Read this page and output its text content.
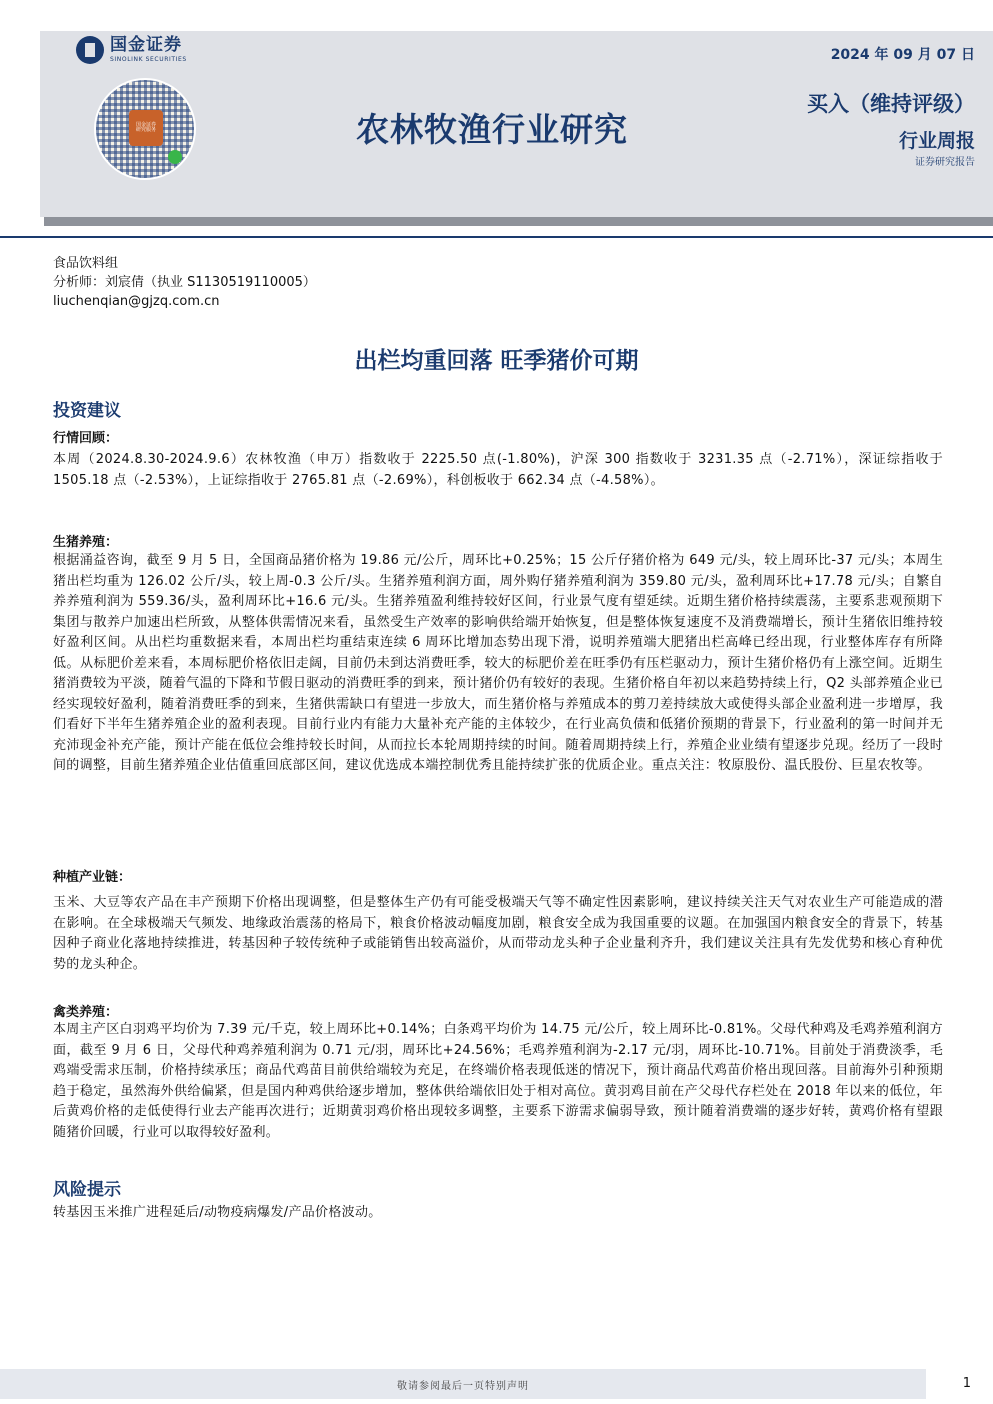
国金证券
SINOLINK SECURITIES
国金证券
研究服务	农林牧渔行业研究
2024 年 09 月 07 日
买入（维持评级）
行业周报
证券研究报告
食品饮料组
分析师：刘宸倩（执业 S1130519110005）
liuchenqian@gjzq.com.cn
出栏均重回落 旺季猪价可期
投资建议
行情回顾：
本周（2024.8.30-2024.9.6）农林牧渔（申万）指数收于 2225.50 点(-1.80%)，沪深 300 指数收于 3231.35 点（-2.71%），深证综指收于 1505.18 点（-2.53%），上证综指收于 2765.81 点（-2.69%），科创板收于 662.34 点（-4.58%）。
生猪养殖：
根据涌益咨询，截至 9 月 5 日，全国商品猪价格为 19.86 元/公斤，周环比+0.25%；15 公斤仔猪价格为 649 元/头，较上周环比-37 元/头；本周生猪出栏均重为 126.02 公斤/头，较上周-0.3 公斤/头。生猪养殖利润方面，周外购仔猪养殖利润为 359.80 元/头，盈利周环比+17.78 元/头；自繁自养养殖利润为 559.36/头，盈利周环比+16.6 元/头。生猪养殖盈利维持较好区间，行业景气度有望延续。近期生猪价格持续震荡，主要系悲观预期下集团与散养户加速出栏所致，从整体供需情况来看，虽然受生产效率的影响供给端开始恢复，但是整体恢复速度不及消费端增长，预计生猪依旧维持较好盈利区间。从出栏均重数据来看，本周出栏均重结束连续 6 周环比增加态势出现下滑，说明养殖端大肥猪出栏高峰已经出现，行业整体库存有所降低。从标肥价差来看，本周标肥价格依旧走阔，目前仍未到达消费旺季，较大的标肥价差在旺季仍有压栏驱动力，预计生猪价格仍有上涨空间。近期生猪消费较为平淡，随着气温的下降和节假日驱动的消费旺季的到来，预计猪价仍有较好的表现。生猪价格自年初以来趋势持续上行，Q2 头部养殖企业已经实现较好盈利，随着消费旺季的到来，生猪供需缺口有望进一步放大，而生猪价格与养殖成本的剪刀差持续放大或使得头部企业盈利进一步增厚，我们看好下半年生猪养殖企业的盈利表现。目前行业内有能力大量补充产能的主体较少，在行业高负债和低猪价预期的背景下，行业盈利的第一时间并无充沛现金补充产能，预计产能在低位会维持较长时间，从而拉长本轮周期持续的时间。随着周期持续上行，养殖企业业绩有望逐步兑现。经历了一段时间的调整，目前生猪养殖企业估值重回底部区间，建议优选成本端控制优秀且能持续扩张的优质企业。重点关注：牧原股份、温氏股份、巨星农牧等。
种植产业链：
玉米、大豆等农产品在丰产预期下价格出现调整，但是整体生产仍有可能受极端天气等不确定性因素影响，建议持续关注天气对农业生产可能造成的潜在影响。在全球极端天气频发、地缘政治震荡的格局下，粮食价格波动幅度加剧，粮食安全成为我国重要的议题。在加强国内粮食安全的背景下，转基因种子商业化落地持续推进，转基因种子较传统种子或能销售出较高溢价，从而带动龙头种子企业量利齐升，我们建议关注具有先发优势和核心育种优势的龙头种企。
禽类养殖：
本周主产区白羽鸡平均价为 7.39 元/千克，较上周环比+0.14%；白条鸡平均价为 14.75 元/公斤，较上周环比-0.81%。父母代种鸡及毛鸡养殖利润方面，截至 9 月 6 日，父母代种鸡养殖利润为 0.71 元/羽，周环比+24.56%；毛鸡养殖利润为-2.17 元/羽，周环比-10.71%。目前处于消费淡季，毛鸡端受需求压制，价格持续承压；商品代鸡苗目前供给端较为充足，在终端价格表现低迷的情况下，预计商品代鸡苗价格出现回落。目前海外引种预期趋于稳定，虽然海外供给偏紧，但是国内种鸡供给逐步增加，整体供给端依旧处于相对高位。黄羽鸡目前在产父母代存栏处在 2018 年以来的低位，年后黄鸡价格的走低使得行业去产能再次进行；近期黄羽鸡价格出现较多调整，主要系下游需求偏弱导致，预计随着消费端的逐步好转，黄鸡价格有望跟随猪价回暖，行业可以取得较好盈利。
风险提示
转基因玉米推广进程延后/动物疫病爆发/产品价格波动。
敬请参阅最后一页特别声明	1
